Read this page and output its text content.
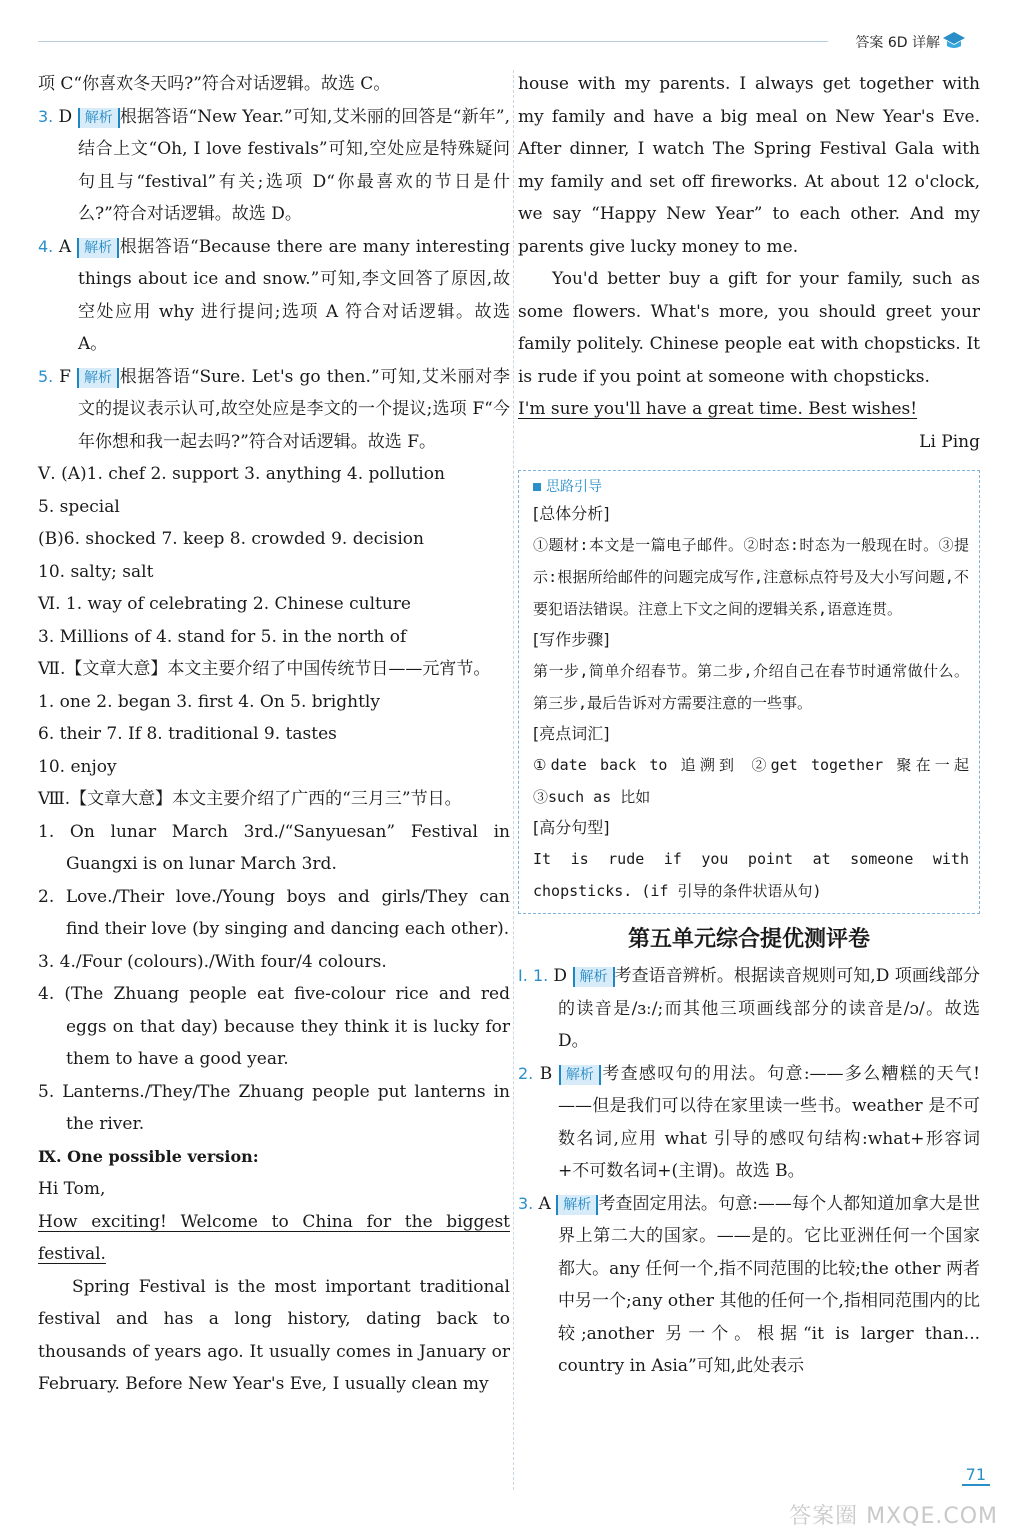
答案 6D 详解

项 C“你喜欢冬天吗?”符合对话逻辑。故选 C。

3. D 解析 根据答语“New Year.”可知,艾米丽的回答是“新年”,结合上文“Oh, I love festivals”可知,空处应是特殊疑问句且与“festival”有关;选项 D“你最喜欢的节日是什么?”符合对话逻辑。故选 D。

4. A 解析 根据答语“Because there are many interesting things about ice and snow.”可知,李文回答了原因,故空处应用 why 进行提问;选项 A 符合对话逻辑。故选 A。

5. F 解析 根据答语“Sure. Let's go then.”可知,艾米丽对李文的提议表示认可,故空处应是李文的一个提议;选项 F“今年你想和我一起去吗?”符合对话逻辑。故选 F。

Ⅴ. (A)1. chef 2. support 3. anything 4. pollution

5. special

(B)6. shocked 7. keep 8. crowded 9. decision

10. salty; salt

Ⅵ. 1. way of celebrating 2. Chinese culture

3. Millions of 4. stand for 5. in the north of

Ⅶ.【文章大意】本文主要介绍了中国传统节日——元宵节。

1. one 2. began 3. first 4. On 5. brightly

6. their 7. If 8. traditional 9. tastes

10. enjoy

Ⅷ.【文章大意】本文主要介绍了广西的“三月三”节日。

1. On lunar March 3rd./“Sanyuesan” Festival in Guangxi is on lunar March 3rd.

2. Love./Their love./Young boys and girls/They can find their love (by singing and dancing each other).

3. 4./Four (colours)./With four/4 colours.

4. (The Zhuang people eat five-colour rice and red eggs on that day) because they think it is lucky for them to have a good year.

5. Lanterns./They/The Zhuang people put lanterns in the river.

Ⅸ. One possible version:

Hi Tom,

How exciting! Welcome to China for the biggest festival.

Spring Festival is the most important traditional festival and has a long history, dating back to thousands of years ago. It usually comes in January or February. Before New Year's Eve, I usually clean my

house with my parents. I always get together with my family and have a big meal on New Year's Eve. After dinner, I watch The Spring Festival Gala with my family and set off fireworks. At about 12 o'clock, we say “Happy New Year” to each other. And my parents give lucky money to me.

You'd better buy a gift for your family, such as some flowers. What's more, you should greet your family politely. Chinese people eat with chopsticks. It is rude if you point at someone with chopsticks.

I'm sure you'll have a great time. Best wishes!

Li Ping

思路引导
[总体分析]

①题材:本文是一篇电子邮件。②时态:时态为一般现在时。③提示:根据所给邮件的问题完成写作,注意标点符号及大小写问题,不要犯语法错误。注意上下文之间的逻辑关系,语意连贯。

[写作步骤]

第一步,简单介绍春节。第二步,介绍自己在春节时通常做什么。第三步,最后告诉对方需要注意的一些事。

[亮点词汇]

①date back to 追溯到 ②get together 聚在一起 ③such as 比如

[高分句型]

It is rude if you point at someone with chopsticks. (if 引导的条件状语从句)

第五单元综合提优测评卷

Ⅰ. 1. D 解析 考查语音辨析。根据读音规则可知,D 项画线部分的读音是/ɜː/;而其他三项画线部分的读音是/ɔ/。故选 D。

2. B 解析 考查感叹句的用法。句意:——多么糟糕的天气!——但是我们可以待在家里读一些书。weather 是不可数名词,应用 what 引导的感叹句结构:what+形容词+不可数名词+(主谓)。故选 B。

3. A 解析 考查固定用法。句意:——每个人都知道加拿大是世界上第二大的国家。——是的。它比亚洲任何一个国家都大。any 任何一个,指不同范围的比较;the other 两者中另一个;any other 其他的任何一个,指相同范围内的比较;another 另一个。根据“it is larger than... country in Asia”可知,此处表示

71
答案圈 MXQE.COM
